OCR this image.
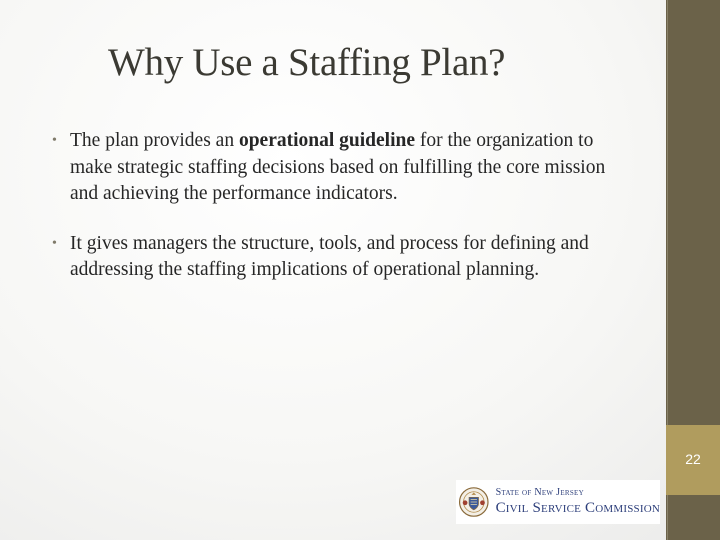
22
Why Use a Staffing Plan?
• The plan provides an operational guideline for the organization to make strategic staffing decisions based on fulfilling the core mission and achieving the performance indicators.
• It gives managers the structure, tools, and process for defining and addressing the staffing implications of operational planning.
State of New Jersey
Civil Service Commission
